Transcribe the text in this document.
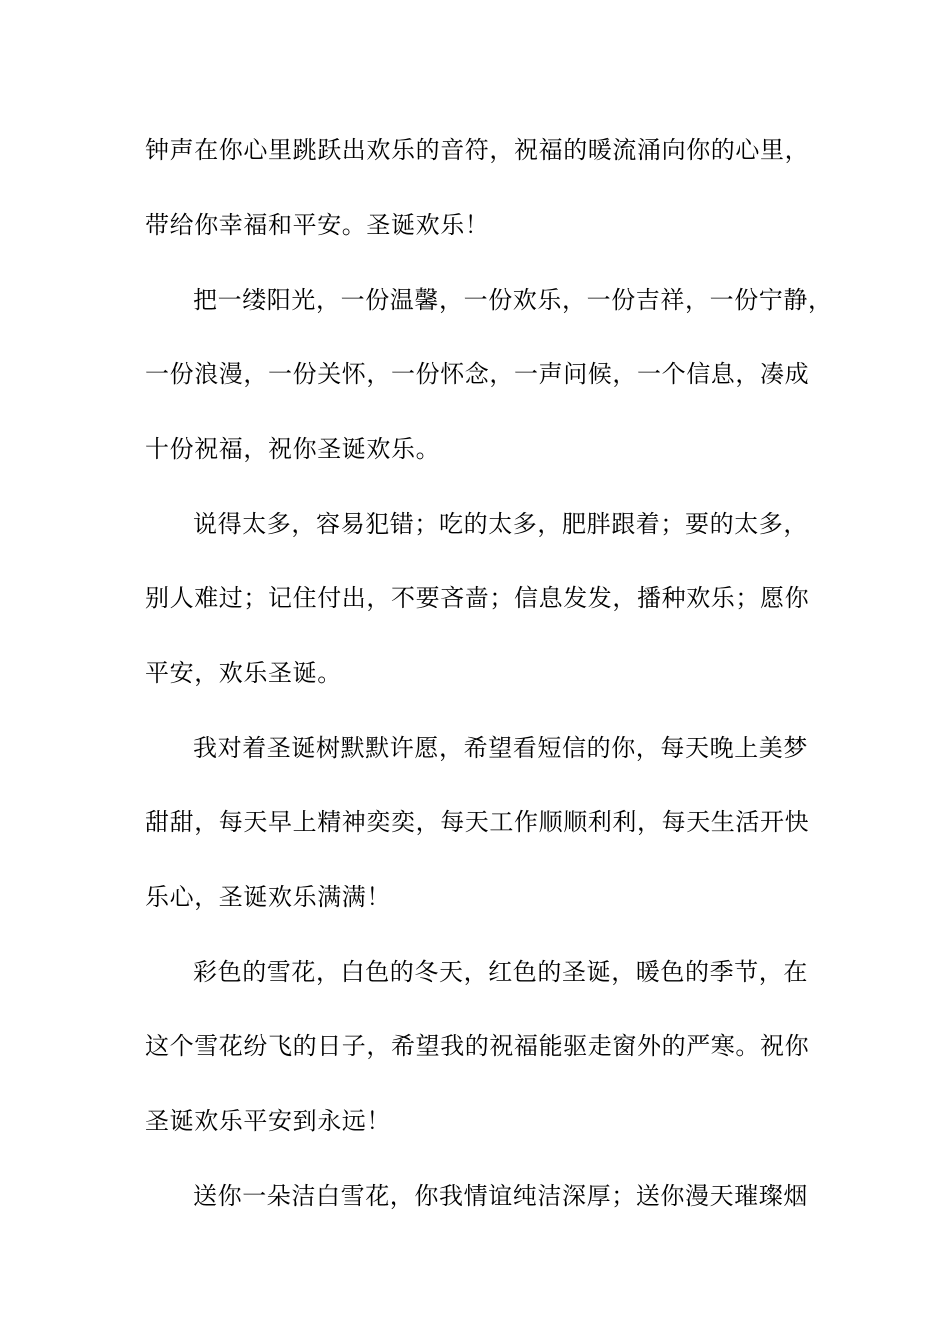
钟声在你心里跳跃出欢乐的音符，祝福的暖流涌向你的心里，
带给你幸福和平安。圣诞欢乐！
把一缕阳光，一份温馨，一份欢乐，一份吉祥，一份宁静，
一份浪漫，一份关怀，一份怀念，一声问候，一个信息，凑成
十份祝福，祝你圣诞欢乐。
说得太多，容易犯错；吃的太多，肥胖跟着；要的太多，
别人难过；记住付出，不要吝啬；信息发发，播种欢乐；愿你
平安，欢乐圣诞。
我对着圣诞树默默许愿，希望看短信的你，每天晚上美梦
甜甜，每天早上精神奕奕，每天工作顺顺利利，每天生活开快
乐心，圣诞欢乐满满！
彩色的雪花，白色的冬天，红色的圣诞，暖色的季节，在
这个雪花纷飞的日子，希望我的祝福能驱走窗外的严寒。祝你
圣诞欢乐平安到永远！
送你一朵洁白雪花，你我情谊纯洁深厚；送你漫天璀璨烟
